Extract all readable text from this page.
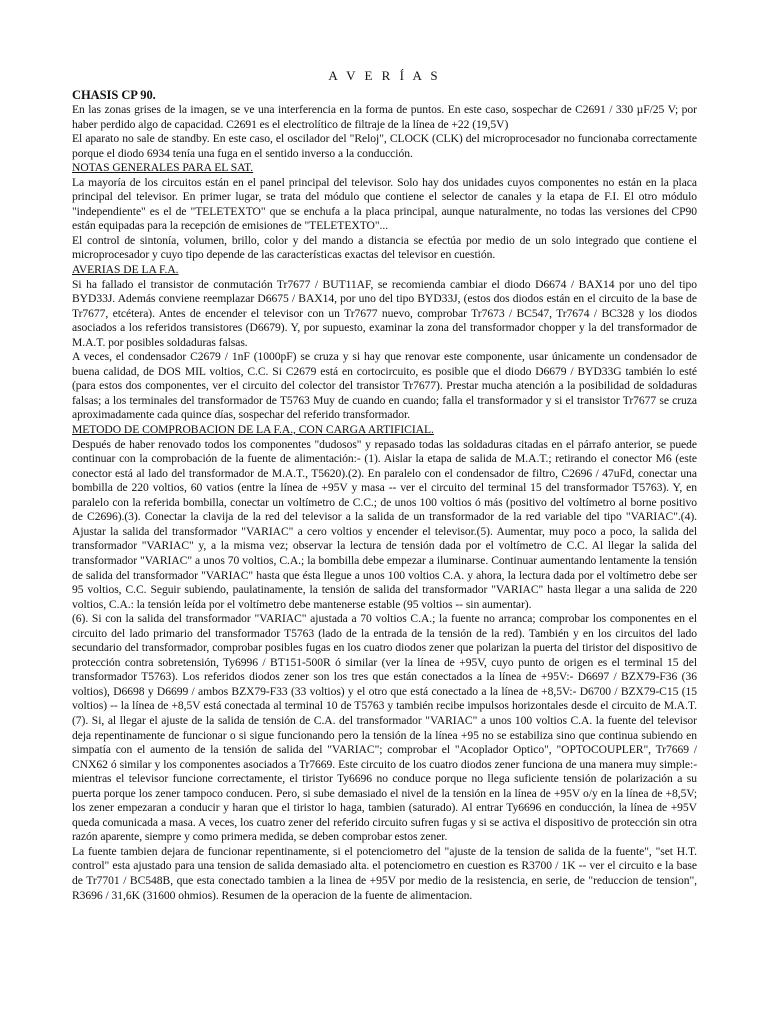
A V E R Í A S
CHASIS CP 90.

En las zonas grises de la imagen, se ve una interferencia en la forma de puntos. En este caso, sospechar de C2691 / 330 µF/25 V; por haber perdido algo de capacidad. C2691 es el electrolítico de filtraje de la línea de +22 (19,5V)

El aparato no sale de standby. En este caso, el oscilador del "Reloj", CLOCK (CLK) del microprocesador no funcionaba correctamente porque el diodo 6934 tenía una fuga en el sentido inverso a la conducción.

NOTAS GENERALES PARA EL SAT.

La mayoría de los circuitos están en el panel principal del televisor. Solo hay dos unidades cuyos componentes no están en la placa principal del televisor. En primer lugar, se trata del módulo que contiene el selector de canales y la etapa de F.I. El otro módulo "independiente" es el de "TELETEXTO" que se enchufa a la placa principal, aunque naturalmente, no todas las versiones del CP90 están equipadas para la recepción de emisiones de "TELETEXTO"...

El control de sintonía, volumen, brillo, color y del mando a distancia se efectúa por medio de un solo integrado que contiene el microprocesador y cuyo tipo depende de las características exactas del televisor en cuestión.

AVERIAS DE LA F.A.

Si ha fallado el transistor de conmutación Tr7677 / BUT11AF, se recomienda cambiar el diodo D6674 / BAX14 por uno del tipo BYD33J. Además conviene reemplazar D6675 / BAX14, por uno del tipo BYD33J, (estos dos diodos están en el circuito de la base de Tr7677, etcétera). Antes de encender el televisor con un Tr7677 nuevo, comprobar Tr7673 / BC547, Tr7674 / BC328 y los diodos asociados a los referidos transistores (D6679). Y, por supuesto, examinar la zona del transformador chopper y la del transformador de M.A.T. por posibles soldaduras falsas.

A veces, el condensador C2679 / 1nF (1000pF) se cruza y si hay que renovar este componente, usar únicamente un condensador de buena calidad, de DOS MIL voltios, C.C. Si C2679 está en cortocircuito, es posible que el diodo D6679 / BYD33G también lo esté (para estos dos componentes, ver el circuito del colector del transistor Tr7677). Prestar mucha atención a la posibilidad de soldaduras falsas; a los terminales del transformador de T5763 Muy de cuando en cuando; falla el transformador y si el transistor Tr7677 se cruza aproximadamente cada quince días, sospechar del referido transformador.

METODO DE COMPROBACION DE LA F.A., CON CARGA ARTIFICIAL.

Después de haber renovado todos los componentes "dudosos" y repasado todas las soldaduras citadas en el párrafo anterior, se puede continuar con la comprobación de la fuente de alimentación:- (1). Aislar la etapa de salida de M.A.T.; retirando el conector M6 (este conector está al lado del transformador de M.A.T., T5620).(2). En paralelo con el condensador de filtro, C2696 / 47uFd, conectar una bombilla de 220 voltios, 60 vatios (entre la línea de +95V y masa -- ver el circuito del terminal 15 del transformador T5763). Y, en paralelo con la referida bombilla, conectar un voltímetro de C.C.; de unos 100 voltios ó más (positivo del voltímetro al borne positivo de C2696).(3). Conectar la clavija de la red del televisor a la salida de un transformador de la red variable del tipo "VARIAC".(4). Ajustar la salida del transformador "VARIAC" a cero voltios y encender el televisor.(5). Aumentar, muy poco a poco, la salida del transformador "VARIAC" y, a la misma vez; observar la lectura de tensión dada por el voltímetro de C.C. Al llegar la salida del transformador "VARIAC" a unos 70 voltios, C.A.; la bombilla debe empezar a iluminarse. Continuar aumentando lentamente la tensión de salida del transformador "VARIAC" hasta que ésta llegue a unos 100 voltios C.A. y ahora, la lectura dada por el voltímetro debe ser 95 voltios, C.C. Seguir subiendo, paulatinamente, la tensión de salida del transformador "VARIAC" hasta llegar a una salida de 220 voltios, C.A.: la tensión leída por el voltímetro debe mantenerse estable (95 voltios -- sin aumentar).

(6). Si con la salida del transformador "VARIAC" ajustada a 70 voltios C.A.; la fuente no arranca; comprobar los componentes en el circuito del lado primario del transformador T5763 (lado de la entrada de la tensión de la red). También y en los circuitos del lado secundario del transformador, comprobar posibles fugas en los cuatro diodos zener que polarizan la puerta del tiristor del dispositivo de protección contra sobretensión, Ty6996 / BT151-500R ó similar (ver la línea de +95V, cuyo punto de origen es el terminal 15 del transformador T5763). Los referidos diodos zener son los tres que están conectados a la línea de +95V:- D6697 / BZX79-F36 (36 voltios), D6698 y D6699 / ambos BZX79-F33 (33 voltios) y el otro que está conectado a la línea de +8,5V:- D6700 / BZX79-C15 (15 voltios) -- la línea de +8,5V está conectada al terminal 10 de T5763 y también recibe impulsos horizontales desde el circuito de M.A.T. (7). Si, al llegar el ajuste de la salida de tensión de C.A. del transformador "VARIAC" a unos 100 voltios C.A. la fuente del televisor deja repentinamente de funcionar o si sigue funcionando pero la tensión de la línea +95 no se estabiliza sino que continua subiendo en simpatía con el aumento de la tensión de salida del "VARIAC"; comprobar el "Acoplador Optico", "OPTOCOUPLER", Tr7669 / CNX62 ó similar y los componentes asociados a Tr7669. Este circuito de los cuatro diodos zener funciona de una manera muy simple:- mientras el televisor funcione correctamente, el tiristor Ty6696 no conduce porque no llega suficiente tensión de polarización a su puerta porque los zener tampoco conducen. Pero, si sube demasiado el nivel de la tensión en la línea de +95V o/y en la línea de +8,5V; los zener empezaran a conducir y haran que el tiristor lo haga, tambien (saturado). Al entrar Ty6696 en conducción, la línea de +95V queda comunicada a masa. A veces, los cuatro zener del referido circuito sufren fugas y si se activa el dispositivo de protección sin otra razón aparente, siempre y como primera medida, se deben comprobar estos zener.

La fuente tambien dejara de funcionar repentinamente, si el potenciometro del "ajuste de la tension de salida de la fuente", "set H.T. control" esta ajustado para una tension de salida demasiado alta. el potenciometro en cuestion es R3700 / 1K -- ver el circuito e la base de Tr7701 / BC548B, que esta conectado tambien a la linea de +95V por medio de la resistencia, en serie, de "reduccion de tension", R3696 / 31,6K (31600 ohmios). Resumen de la operacion de la fuente de alimentacion.
